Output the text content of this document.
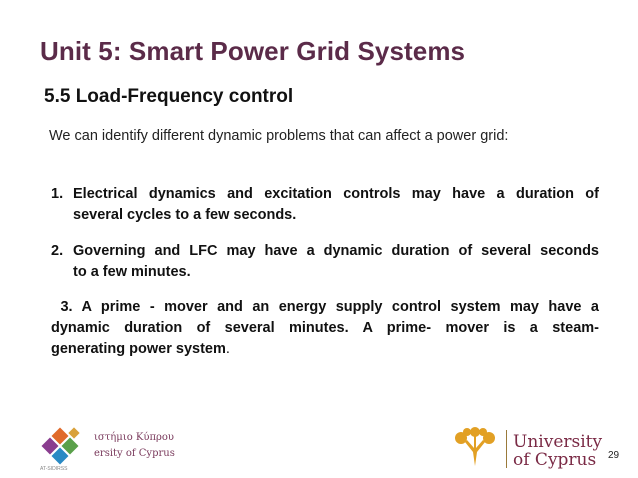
Unit 5: Smart Power Grid Systems
5.5 Load-Frequency control
We can identify different dynamic problems that can affect a power grid:
1. Electrical dynamics and excitation controls may have a duration of
several cycles to a few seconds.
2. Governing and LFC may have a dynamic duration of several seconds
to a few minutes.
3. A prime - mover and an energy supply control system may have a
dynamic duration of several minutes. A prime- mover is a steam-
generating power system.
ιστήμιο Κύπρου
ersity of Cyprus
AT-SIDIRSS
University
of Cyprus 29
